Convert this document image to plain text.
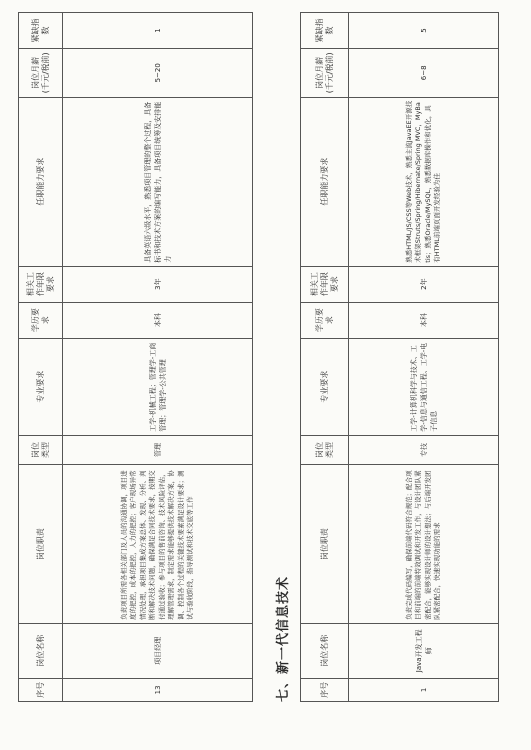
序号	岗位名称	岗位职责	岗位类型	专业要求	学历要求	相关工作年限要求	任职能力要求	岗位月薪(千元/税前)	紧缺指数
13	项目经理	负责项目所需各相关部门及人员的沟通协调，项目进度的把控，成本的把控，人力的把控；客户现场异常情况处理，承担项目集成方案总体、发现、分析、判断和解决技术问题，确保满足合同技术要求，按期交付通过验收；参与项目的售前咨询、技术风险评估，理解管理需求，制定需求能够提供技术解决方案，协调、控制各个过程的关键技术要素满足设计要求；测试与验收阶段，指导测试和技术交底等工作	管理	工学-机械工程；管理学-工商管理；管理学-公共管理	本科	3年	具备英语六级水平，熟悉项目管理的整个过程，具备标书和技术方案的编写能力，具备项目统筹及安排能力	5~20	1
七、新一代信息技术	序号	岗位名称	岗位职责	岗位类型	专业要求	学历要求	相关工作年限要求	任职能力要求	岗位月薪(千元/税前)	紧缺指数
1	Java开发工程师	负责完成代码编写，确保前端代码符合规范；配合项目和前端的前端特效调试和开发工作，与设计团队紧密配合，能够实现设计师的设计想法；与后端开发团队紧密配合，快速实现功能的需求	专技	工学-计算机科学与技术、工学-信息与通信工程、工学-电子信息	本科	2年	熟悉HTML/JS/CSS等Web技术，熟悉主流JavaEE开源技术框架Struts/Spring/Hibernate/Spring MVC，MyBatis；熟悉Oracle/MySQL，熟悉数据库操作和优化，具有HTML前端页面开发经验为佳	6~8	5
